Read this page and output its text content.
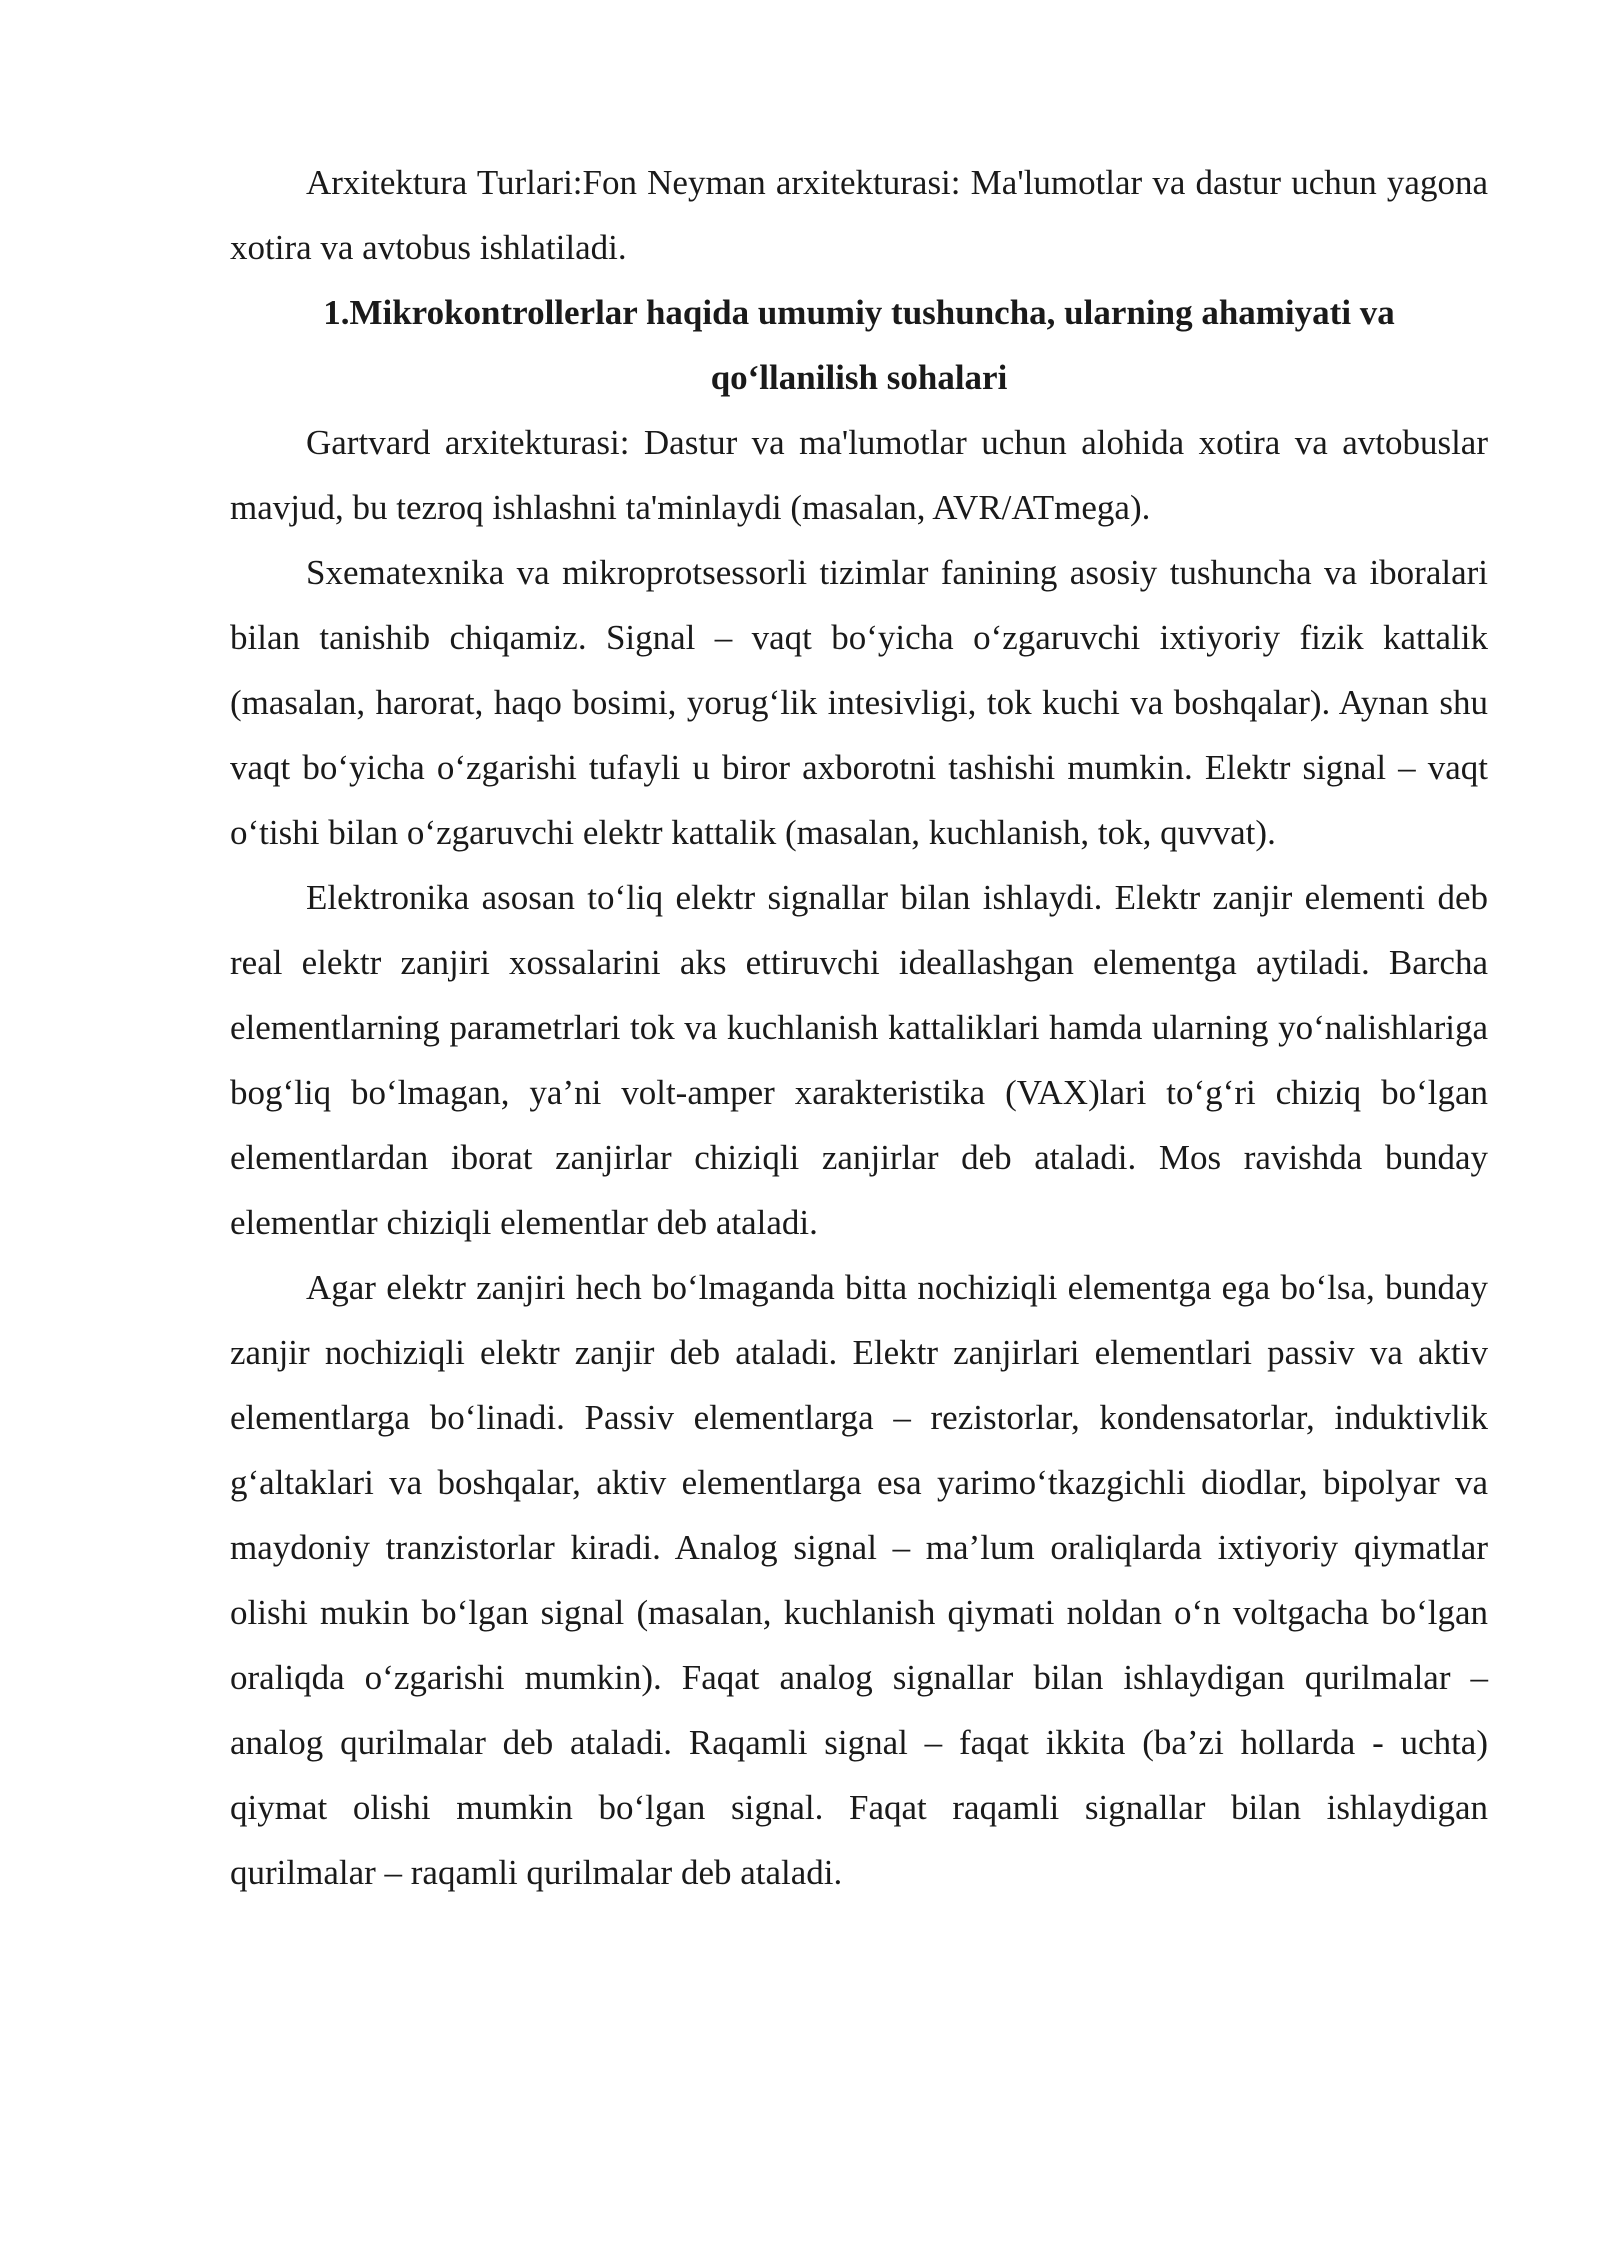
Arxitektura Turlari:Fon Neyman arxitekturasi: Ma'lumotlar va dastur uchun yagona xotira va avtobus ishlatiladi.

1.Mikrokontrollerlar haqida umumiy tushuncha, ularning ahamiyati va qo‘llanilish sohalari

Gartvard arxitekturasi: Dastur va ma'lumotlar uchun alohida xotira va avtobuslar mavjud, bu tezroq ishlashni ta'minlaydi (masalan, AVR/ATmega).

Sxematexnika va mikroprotsessorli tizimlar fanining asosiy tushuncha va iboralari bilan tanishib chiqamiz. Signal – vaqt bo‘yicha o‘zgaruvchi ixtiyoriy fizik kattalik (masalan, harorat, haqo bosimi, yorug‘lik intesivligi, tok kuchi va boshqalar). Aynan shu vaqt bo‘yicha o‘zgarishi tufayli u biror axborotni tashishi mumkin. Elektr signal – vaqt o‘tishi bilan o‘zgaruvchi elektr kattalik (masalan, kuchlanish, tok, quvvat).

Elektronika asosan to‘liq elektr signallar bilan ishlaydi. Elektr zanjir elementi deb real elektr zanjiri xossalarini aks ettiruvchi ideallashgan elementga aytiladi. Barcha elementlarning parametrlari tok va kuchlanish kattaliklari hamda ularning yo‘nalishlariga bog‘liq bo‘lmagan, ya’ni volt-amper xarakteristika (VAX)lari to‘g‘ri chiziq bo‘lgan elementlardan iborat zanjirlar chiziqli zanjirlar deb ataladi. Mos ravishda bunday elementlar chiziqli elementlar deb ataladi.

Agar elektr zanjiri hech bo‘lmaganda bitta nochiziqli elementga ega bo‘lsa, bunday zanjir nochiziqli elektr zanjir deb ataladi. Elektr zanjirlari elementlari passiv va aktiv elementlarga bo‘linadi. Passiv elementlarga – rezistorlar, kondensatorlar, induktivlik g‘altaklari va boshqalar, aktiv elementlarga esa yarimo‘tkazgichli diodlar, bipolyar va maydoniy tranzistorlar kiradi. Analog signal – ma’lum oraliqlarda ixtiyoriy qiymatlar olishi mukin bo‘lgan signal (masalan, kuchlanish qiymati noldan o‘n voltgacha bo‘lgan oraliqda o‘zgarishi mumkin). Faqat analog signallar bilan ishlaydigan qurilmalar – analog qurilmalar deb ataladi. Raqamli signal – faqat ikkita (ba’zi hollarda - uchta) qiymat olishi mumkin bo‘lgan signal. Faqat raqamli signallar bilan ishlaydigan qurilmalar – raqamli qurilmalar deb ataladi.
